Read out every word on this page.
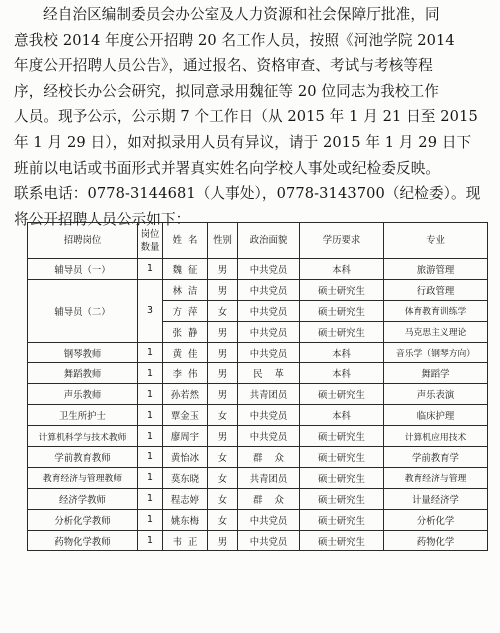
经自治区编制委员会办公室及人力资源和社会保障厅批准，同
意我校 2014 年度公开招聘 20 名工作人员，按照《河池学院 2014
年度公开招聘人员公告》，通过报名、资格审查、考试与考核等程
序，经校长办公会研究，拟同意录用魏征等 20 位同志为我校工作
人员。现予公示，公示期 7 个工作日（从 2015 年 1 月 21 日至 2015
年 1 月 29 日），如对拟录用人员有异议，请于 2015 年 1 月 29 日下
班前以电话或书面形式并署真实姓名向学校人事处或纪检委反映。
联系电话：0778-3144681（人事处），0778-3143700（纪检委）。现
将公开招聘人员公示如下：
招聘岗位	岗位数量	姓  名	性别	政治面貌	学历要求	专业
辅导员（一）	1	魏  征	男	中共党员	本科	旅游管理
辅导员（二）	3	林  洁	男	中共党员	硕士研究生	行政管理
		方  萍	女	中共党员	硕士研究生	体育教育训练学
		张  静	男	中共党员	硕士研究生	马克思主义理论
钢琴教师	1	黄  佳	男	中共党员	本科	音乐学（钢琴方向）
舞蹈教师	1	李  伟	男	民    革	本科	舞蹈学
声乐教师	1	孙若然	男	共青团员	硕士研究生	声乐表演
卫生所护士	1	覃金玉	女	中共党员	本科	临床护理
计算机科学与技术教师	1	廖周宇	男	中共党员	硕士研究生	计算机应用技术
学前教育教师	1	黄怡冰	女	群    众	硕士研究生	学前教育学
教育经济与管理教师	1	莫东晓	女	共青团员	硕士研究生	教育经济与管理
经济学教师	1	程志婷	女	群    众	硕士研究生	计量经济学
分析化学教师	1	姚东梅	女	中共党员	硕士研究生	分析化学
药物化学教师	1	韦  正	男	中共党员	硕士研究生	药物化学
